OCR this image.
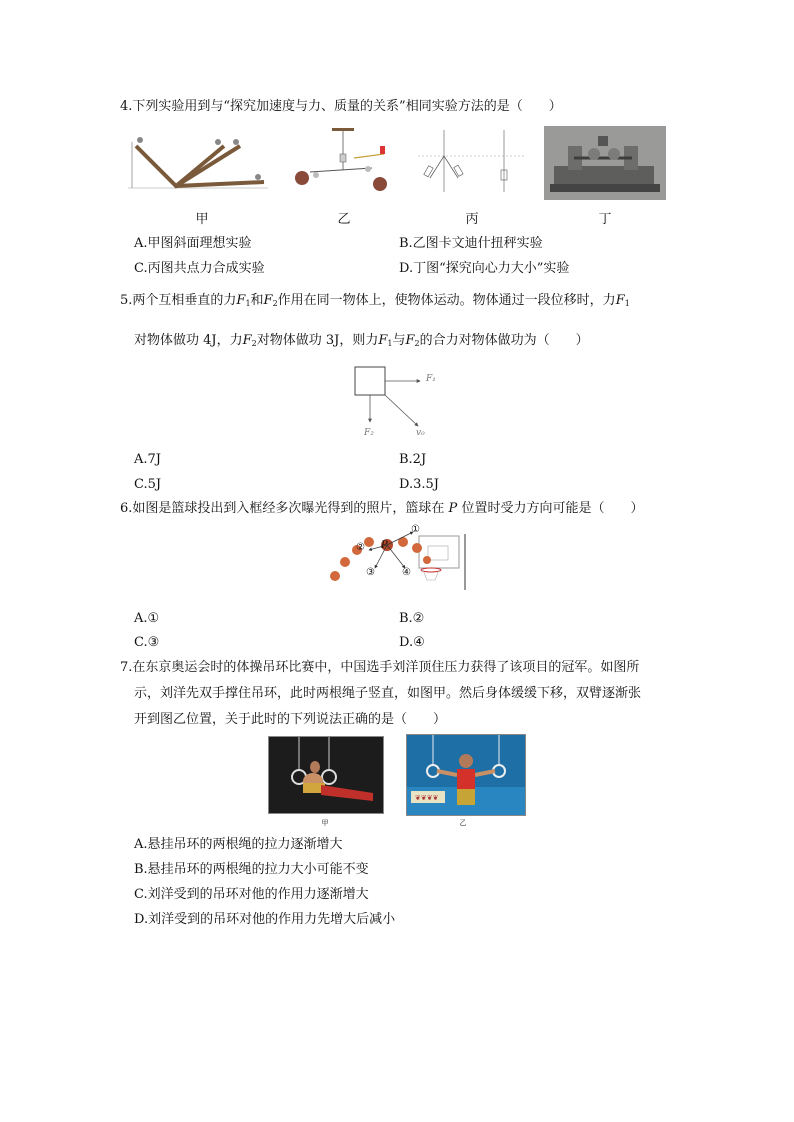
4.下列实验用到与“探究加速度与力、质量的关系”相同实验方法的是（　　）
甲	乙	丙	丁
A.甲图斜面理想实验	B.乙图卡文迪什扭秤实验
C.丙图共点力合成实验	D.丁图“探究向心力大小”实验
5.两个互相垂直的力$F_1$和$F_2$作用在同一物体上，使物体运动。物体通过一段位移时，力$F_1$
对物体做功 4J，力$F_2$对物体做功 3J，则力$F_1$与$F_2$的合力对物体做功为（　　）
F₁
F₂	v₀
A.7J	B.2J
C.5J	D.3.5J
6.如图是篮球投出到入框经多次曝光得到的照片，篮球在 P 位置时受力方向可能是（　　）
①
②
③	④
P
A.①	B.②
C.③	D.④
7.在东京奥运会时的体操吊环比赛中，中国选手刘洋顶住压力获得了该项目的冠军。如图所
示，刘洋先双手撑住吊环，此时两根绳子竖直，如图甲。然后身体缓缓下移，双臂逐渐张
开到图乙位置，关于此时的下列说法正确的是（　　）
甲
❦❦❦❦
乙
A.悬挂吊环的两根绳的拉力逐渐增大
B.悬挂吊环的两根绳的拉力大小可能不变
C.刘洋受到的吊环对他的作用力逐渐增大
D.刘洋受到的吊环对他的作用力先增大后减小
